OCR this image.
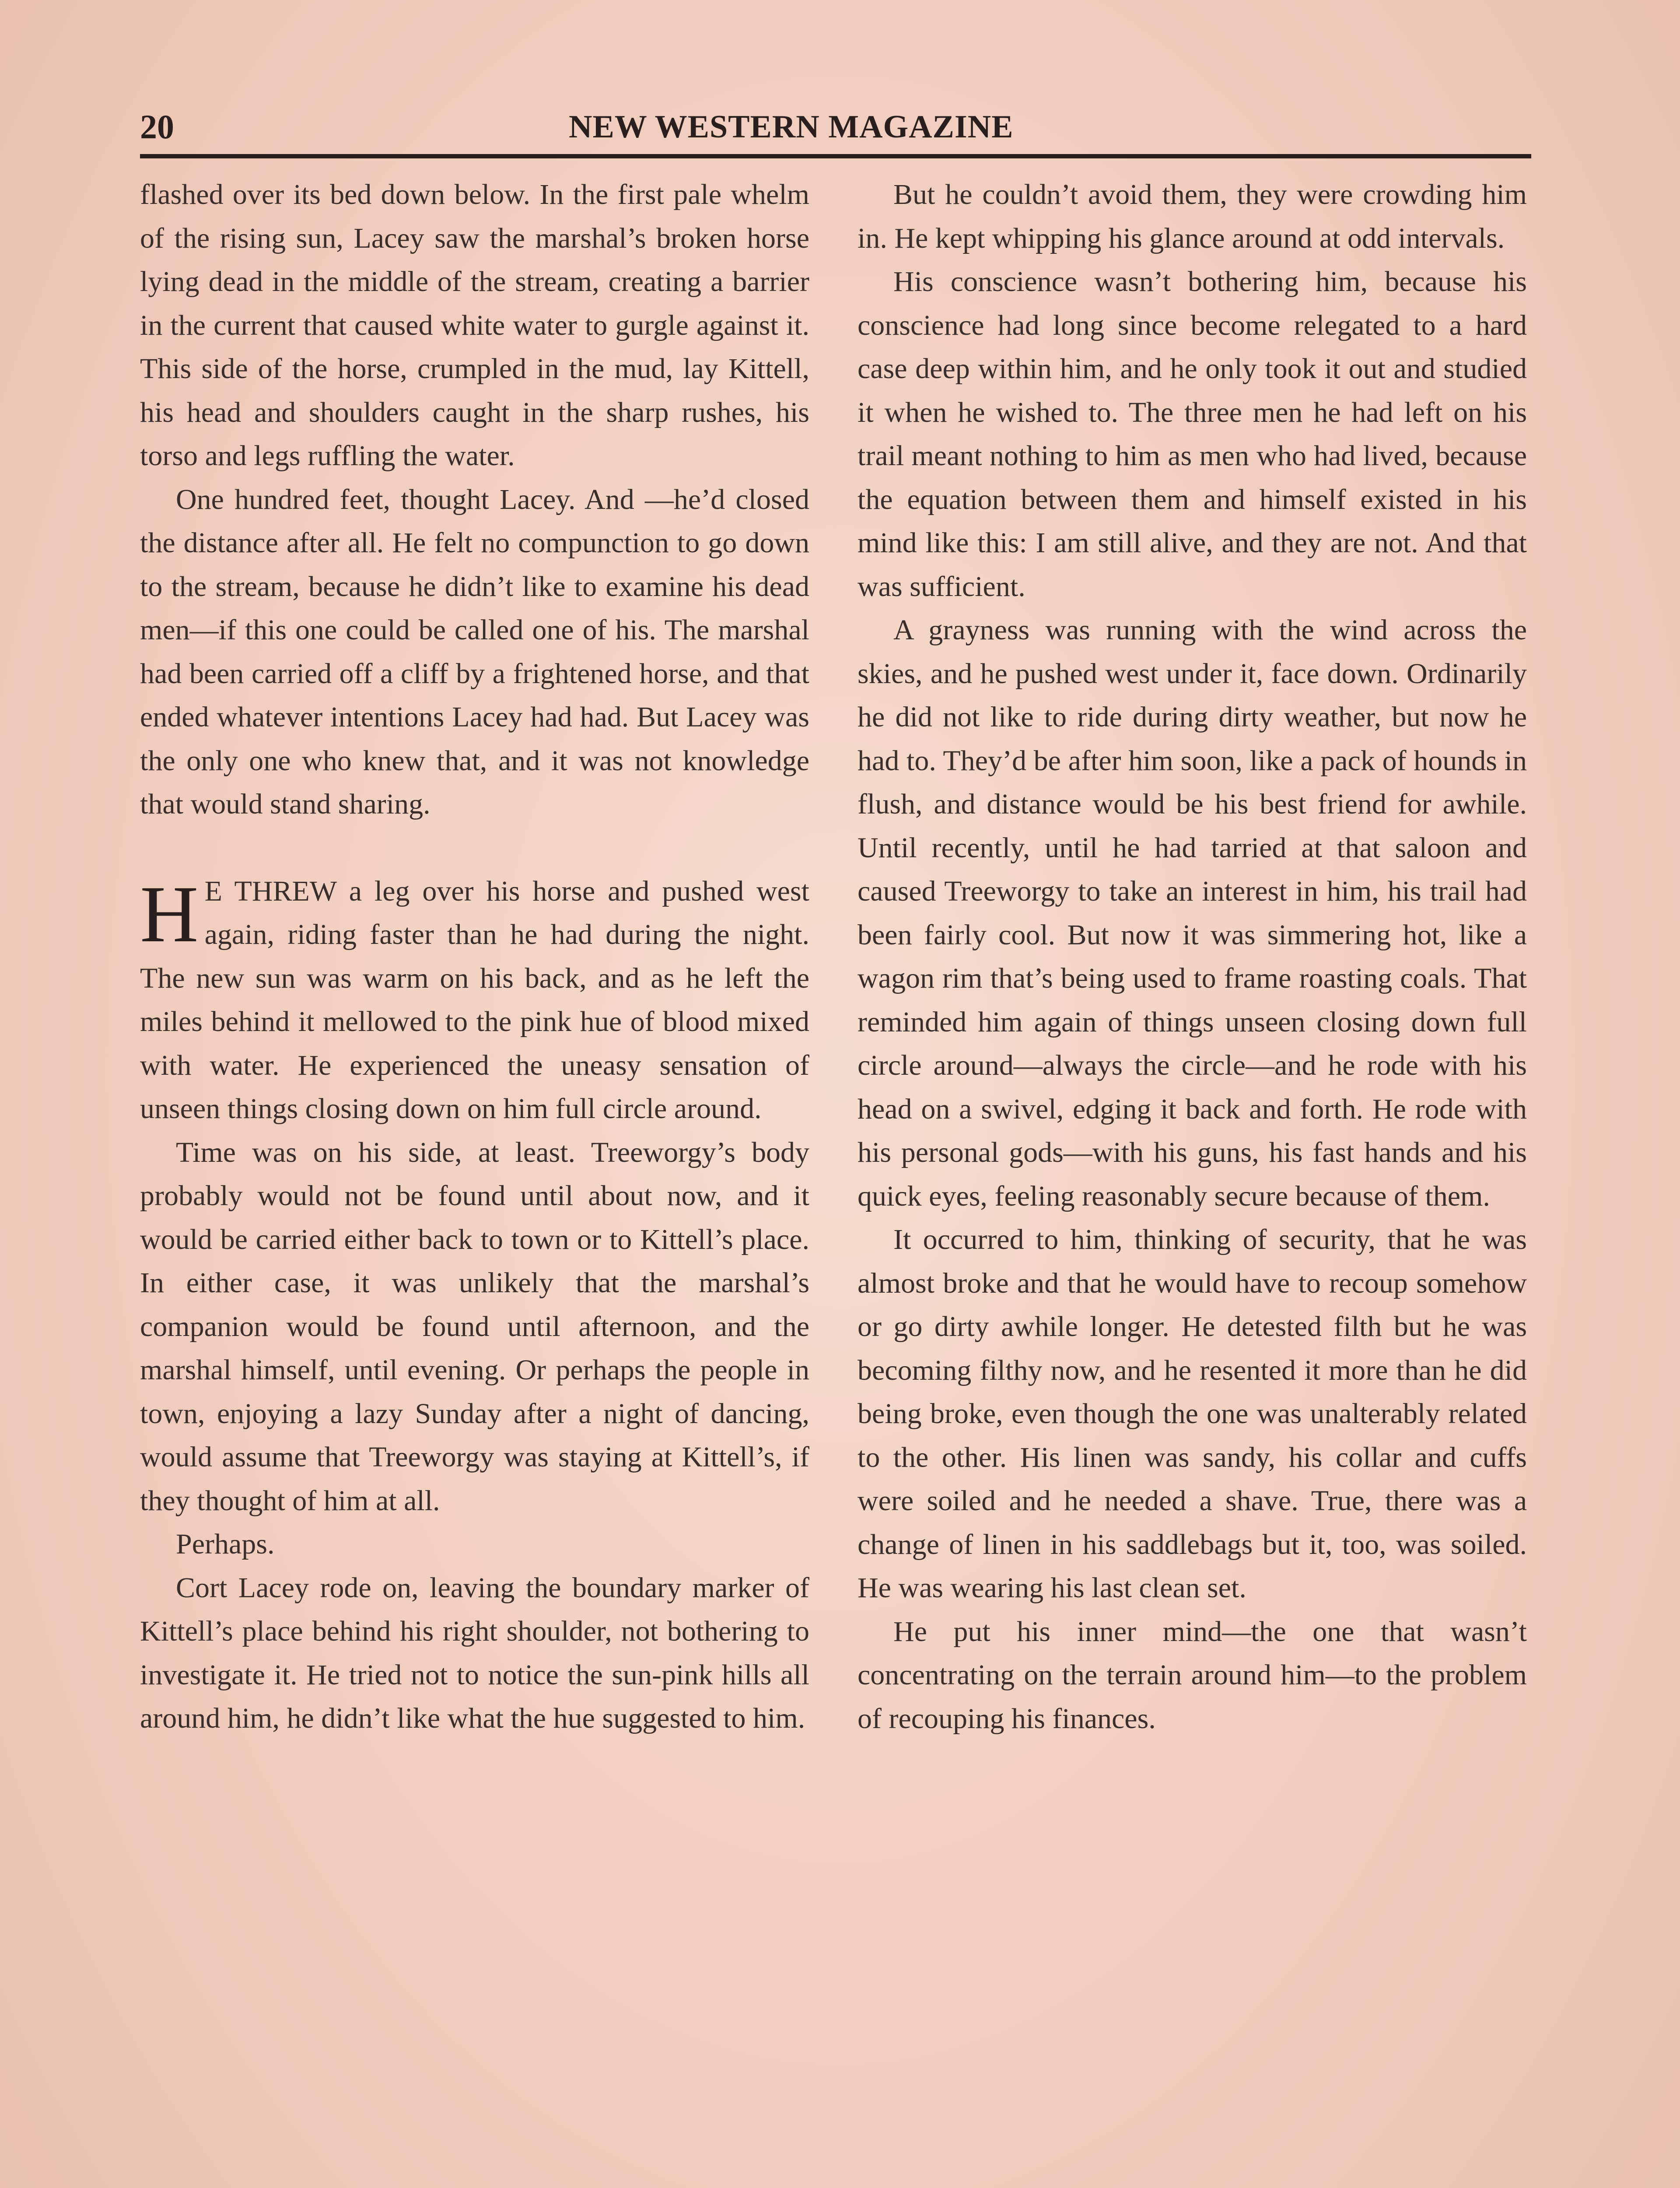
20	NEW WESTERN MAGAZINE

flashed over its bed down below. In the first pale whelm of the rising sun, Lacey saw the marshal’s broken horse lying dead in the middle of the stream, creating a barrier in the current that caused white water to gurgle against it. This side of the horse, crumpled in the mud, lay Kittell, his head and shoulders caught in the sharp rushes, his torso and legs ruffling the water.

One hundred feet, thought Lacey. And —he’d closed the distance after all. He felt no compunction to go down to the stream, because he didn’t like to examine his dead men—if this one could be called one of his. The marshal had been carried off a cliff by a frightened horse, and that ended whatever intentions Lacey had had. But Lacey was the only one who knew that, and it was not knowledge that would stand sharing.

H E THREW a leg over his horse and pushed west again, riding faster than he had during the night. The new sun was warm on his back, and as he left the miles behind it mellowed to the pink hue of blood mixed with water. He experienced the uneasy sensation of unseen things closing down on him full circle around.

Time was on his side, at least. Treeworgy’s body probably would not be found until about now, and it would be carried either back to town or to Kittell’s place. In either case, it was unlikely that the marshal’s companion would be found until afternoon, and the marshal himself, until evening. Or perhaps the people in town, enjoying a lazy Sunday after a night of dancing, would assume that Treeworgy was staying at Kittell’s, if they thought of him at all.

Perhaps.

Cort Lacey rode on, leaving the boundary marker of Kittell’s place behind his right shoulder, not bothering to investigate it. He tried not to notice the sun-pink hills all around him, he didn’t like what the hue suggested to him.

But he couldn’t avoid them, they were crowding him in. He kept whipping his glance around at odd intervals.

His conscience wasn’t bothering him, because his conscience had long since become relegated to a hard case deep within him, and he only took it out and studied it when he wished to. The three men he had left on his trail meant nothing to him as men who had lived, because the equation between them and himself existed in his mind like this: I am still alive, and they are not. And that was sufficient.

A grayness was running with the wind across the skies, and he pushed west under it, face down. Ordinarily he did not like to ride during dirty weather, but now he had to. They’d be after him soon, like a pack of hounds in flush, and distance would be his best friend for awhile. Until recently, until he had tarried at that saloon and caused Treeworgy to take an interest in him, his trail had been fairly cool. But now it was simmering hot, like a wagon rim that’s being used to frame roasting coals. That reminded him again of things unseen closing down full circle around—always the circle—and he rode with his head on a swivel, edging it back and forth. He rode with his personal gods—with his guns, his fast hands and his quick eyes, feeling reasonably secure because of them.

It occurred to him, thinking of security, that he was almost broke and that he would have to recoup somehow or go dirty awhile longer. He detested filth but he was becoming filthy now, and he resented it more than he did being broke, even though the one was unalterably related to the other. His linen was sandy, his collar and cuffs were soiled and he needed a shave. True, there was a change of linen in his saddlebags but it, too, was soiled. He was wearing his last clean set.

He put his inner mind—the one that wasn’t concentrating on the terrain around him—to the problem of recouping his finances.
